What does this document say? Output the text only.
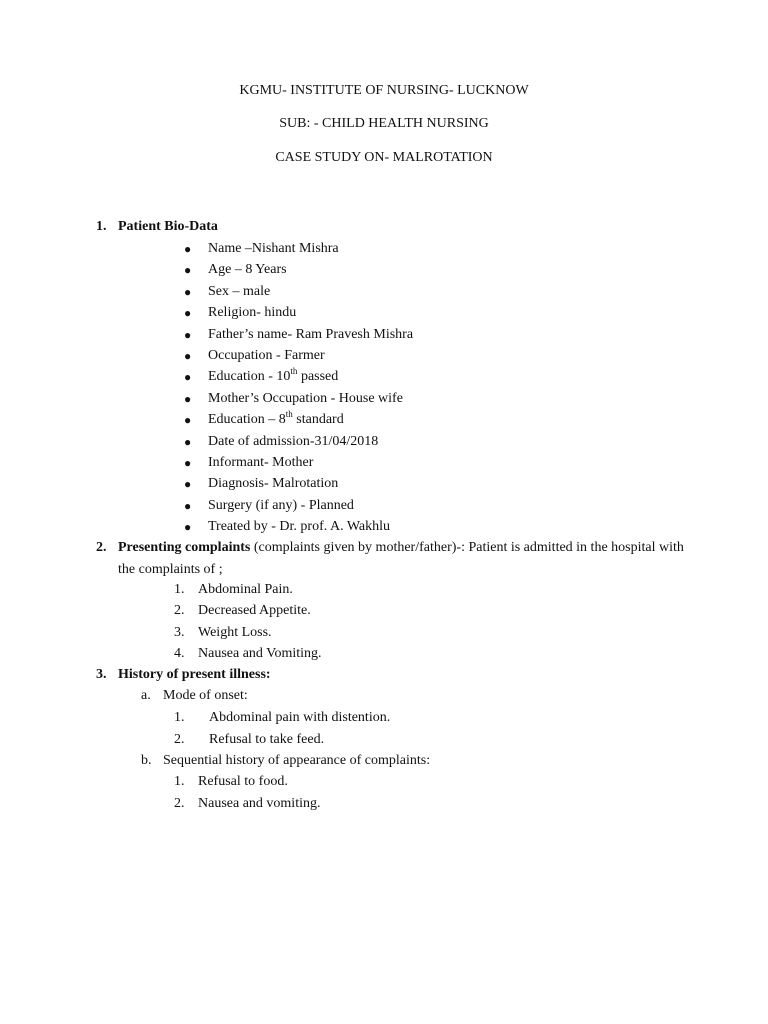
KGMU- INSTITUTE OF NURSING- LUCKNOW
SUB: - CHILD HEALTH NURSING
CASE STUDY ON- MALROTATION
1. Patient Bio-Data
●	Name –Nishant Mishra
●	Age – 8 Years
●	Sex – male
●	Religion- hindu
●	Father’s name- Ram Pravesh Mishra
●	Occupation - Farmer
●	Education - 10th passed
●	Mother’s Occupation - House wife
●	Education – 8th standard
●	Date of admission-31/04/2018
●	Informant- Mother
●	Diagnosis- Malrotation
●	Surgery (if any) - Planned
●	Treated by - Dr. prof. A. Wakhlu
2. Presenting complaints (complaints given by mother/father)-: Patient is admitted in the hospital with
the complaints of ;
1. Abdominal Pain.
2. Decreased Appetite.
3. Weight Loss.
4. Nausea and Vomiting.
3. History of present illness:
a. Mode of onset:
1. Abdominal pain with distention.
2. Refusal to take feed.
b. Sequential history of appearance of complaints:
1. Refusal to food.
2. Nausea and vomiting.
